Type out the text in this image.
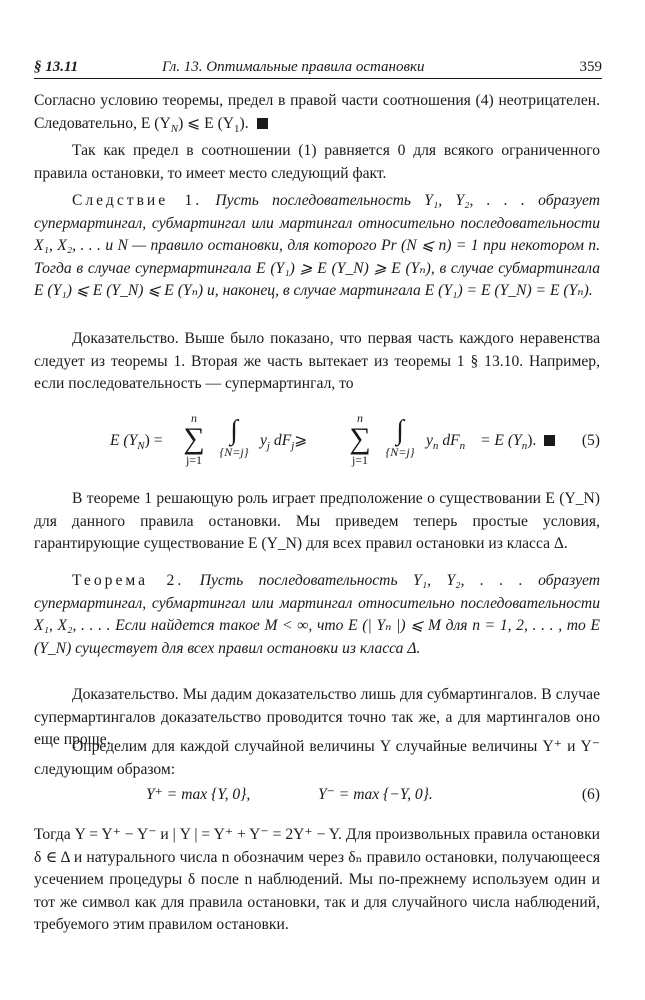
§ 13.11	Гл. 13. Оптимальные правила остановки	359
Согласно условию теоремы, предел в правой части соотношения (4) неотрицателен. Следовательно, E $(Y_N)$ ⩽ E $(Y_1)$.
Так как предел в соотношении (1) равняется 0 для всякого ограниченного правила остановки, то имеет место следующий факт.
Следствие 1. Пусть последовательность Y₁, Y₂, . . . образует супермартингал, субмартингал или мартингал относительно последовательности X₁, X₂, . . . и N — правило остановки, для которого Pr (N ⩽ n) = 1 при некотором n. Тогда в случае супермартингала E (Y₁) ⩾ E (Y_N) ⩾ E (Yₙ), в случае субмартингала E (Y₁) ⩽ E (Y_N) ⩽ E (Yₙ) и, наконец, в случае мартингала E (Y₁) = E (Y_N) = E (Yₙ).
Доказательство. Выше было показано, что первая часть каждого неравенства следует из теоремы 1. Вторая же часть вытекает из теоремы 1 § 13.10. Например, если последовательность — супермартингал, то
E $(Y_N)$ =
n
∑
j=1
∫
{N=j}
$y_j$ $dF_j⩾$
n
∑
j=1
∫
{N=j}
$y_n$ $dF_n = E$ $(Y_n)$.	(5)
В теореме 1 решающую роль играет предположение о существовании E (Y_N) для данного правила остановки. Мы приведем теперь простые условия, гарантирующие существование E (Y_N) для всех правил остановки из класса Δ.
Теорема 2. Пусть последовательность Y₁, Y₂, . . . образует супермартингал, субмартингал или мартингал относительно последовательности X₁, X₂, . . . . Если найдется такое M < ∞, что E (| Yₙ |) ⩽ M для n = 1, 2, . . . , то E (Y_N) существует для всех правил остановки из класса Δ.
Доказательство. Мы дадим доказательство лишь для субмартингалов. В случае супермартингалов доказательство проводится точно так же, а для мартингалов оно еще проще.
Определим для каждой случайной величины Y случайные величины Y⁺ и Y⁻ следующим образом:
Y⁺ = max {Y, 0},	Y⁻ = max {−Y, 0}.	(6)
Тогда Y = Y⁺ − Y⁻ и | Y | = Y⁺ + Y⁻ = 2Y⁺ − Y. Для произвольных правила остановки δ ∈ Δ и натурального числа n обозначим через δₙ правило остановки, получающееся усечением процедуры δ после n наблюдений. Мы по-прежнему используем один и тот же символ как для правила остановки, так и для случайного числа наблюдений, требуемого этим правилом остановки.
